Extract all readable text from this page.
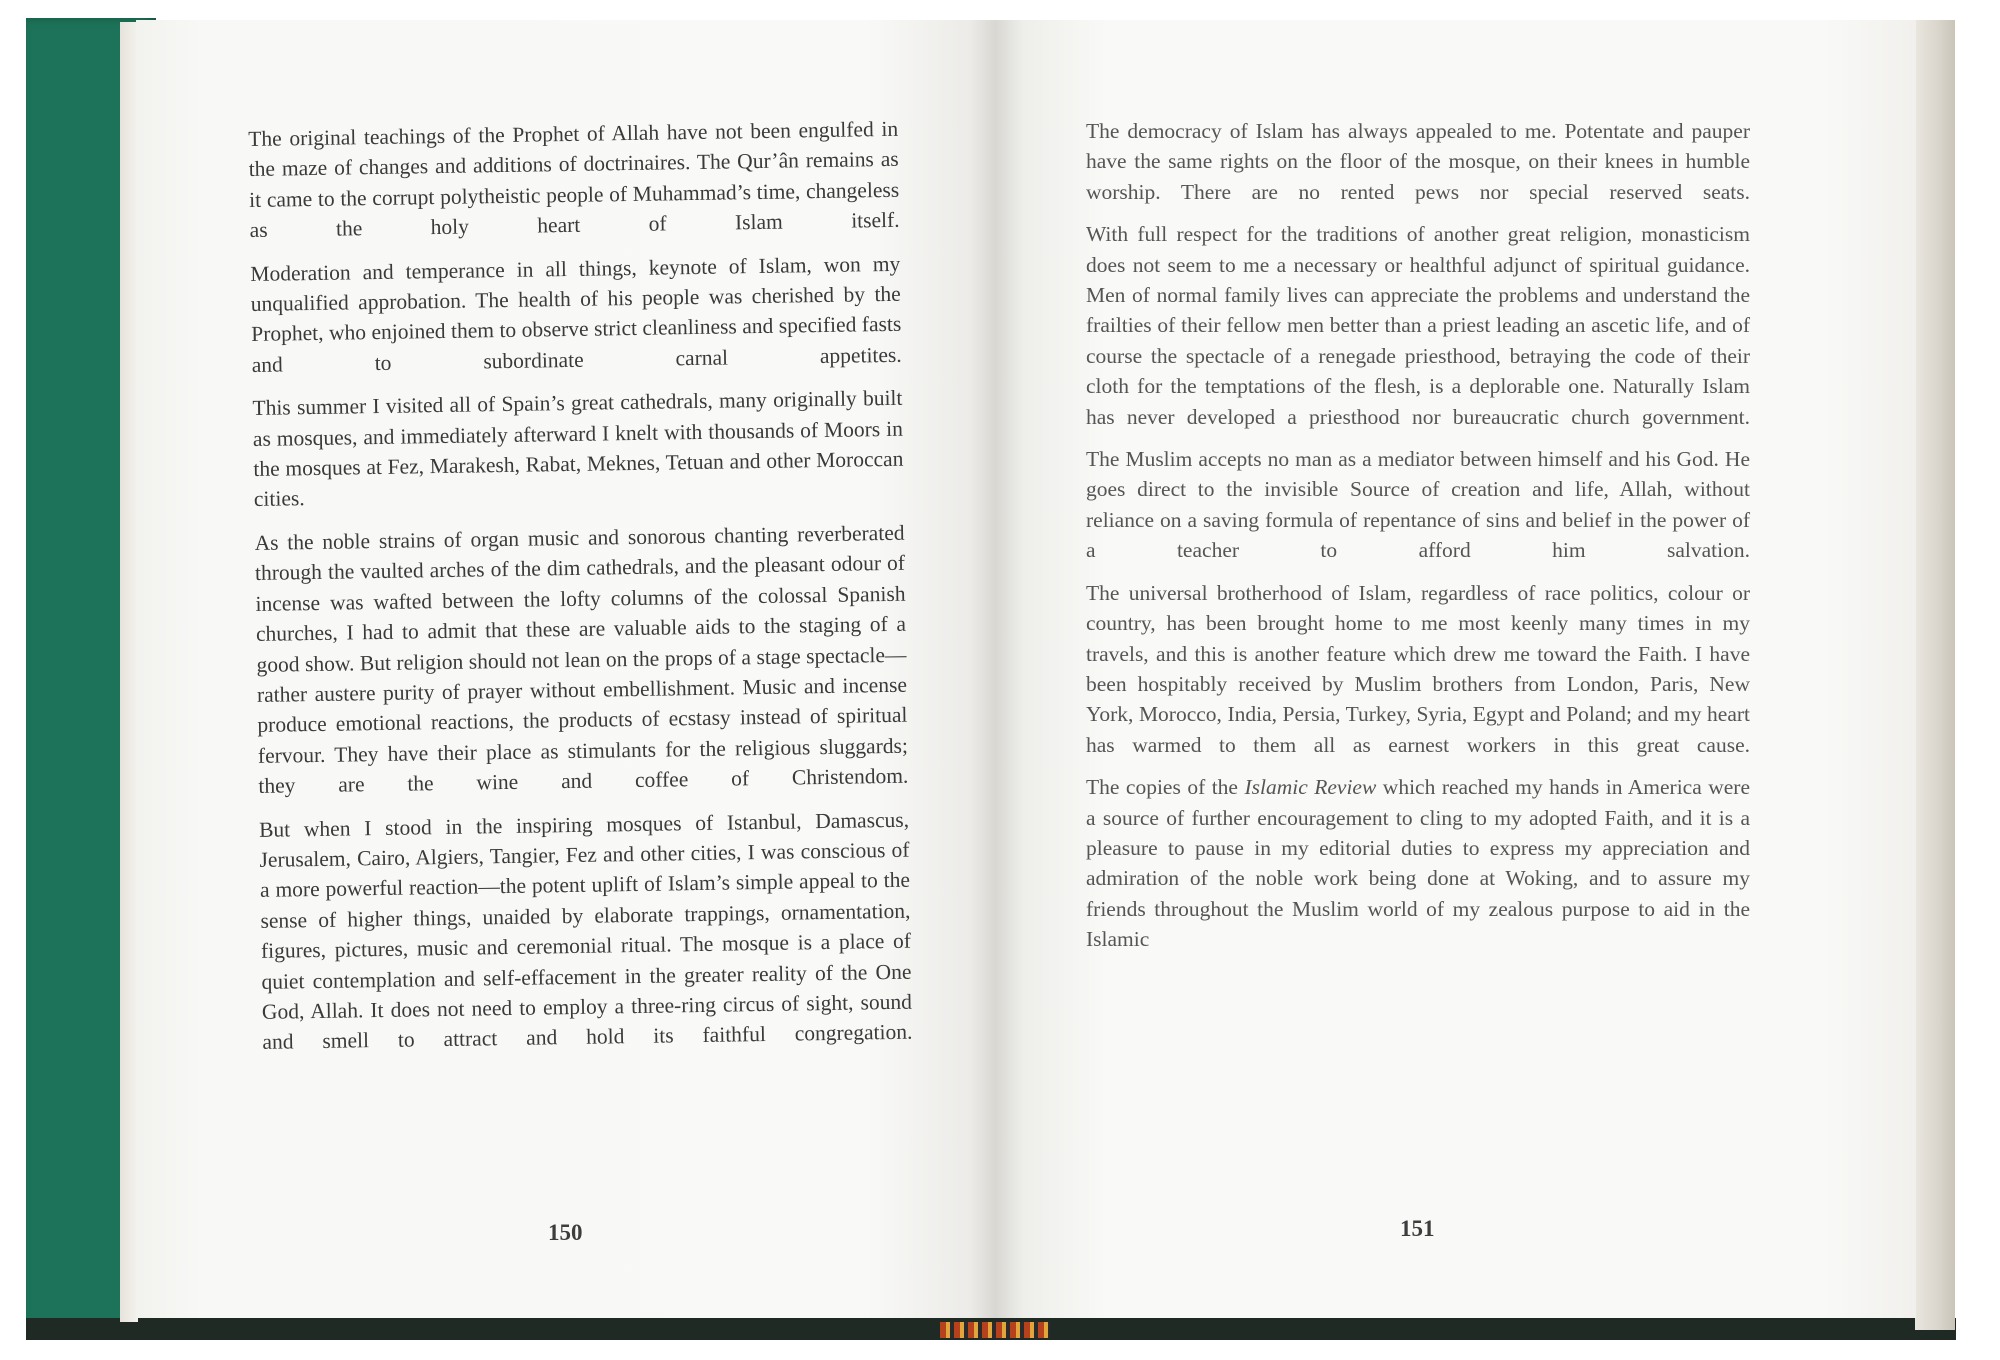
The original teachings of the Prophet of Allah have not been engulfed in the maze of changes and additions of doctrinaires. The Qur’ân remains as it came to the corrupt polytheistic people of Muhammad’s time, changeless as the holy heart of Islam itself.

Moderation and temperance in all things, keynote of Islam, won my unqualified approbation. The health of his people was cherished by the Prophet, who enjoined them to observe strict cleanliness and specified fasts and to subordinate carnal appetites.

This summer I visited all of Spain’s great cathedrals, many originally built as mosques, and immediately afterward I knelt with thousands of Moors in the mosques at Fez, Marakesh, Rabat, Meknes, Tetuan and other Moroccan cities.

As the noble strains of organ music and sonorous chanting reverberated through the vaulted arches of the dim cathedrals, and the pleasant odour of incense was wafted between the lofty columns of the colossal Spanish churches, I had to admit that these are valuable aids to the staging of a good show. But religion should not lean on the props of a stage spectacle—rather austere purity of prayer without embellishment. Music and incense produce emotional reactions, the products of ecstasy instead of spiritual fervour. They have their place as stimulants for the religious sluggards; they are the wine and coffee of Christendom.

But when I stood in the inspiring mosques of Istanbul, Damascus, Jerusalem, Cairo, Algiers, Tangier, Fez and other cities, I was conscious of a more powerful reaction—the potent uplift of Islam’s simple appeal to the sense of higher things, unaided by elaborate trappings, ornamentation, figures, pictures, music and ceremonial ritual. The mosque is a place of quiet contemplation and self-effacement in the greater reality of the One God, Allah. It does not need to employ a three-ring circus of sight, sound and smell to attract and hold its faithful congregation.

150

The democracy of Islam has always appealed to me. Potentate and pauper have the same rights on the floor of the mosque, on their knees in humble worship. There are no rented pews nor special reserved seats.

With full respect for the traditions of another great religion, monasticism does not seem to me a necessary or healthful adjunct of spiritual guidance. Men of normal family lives can appreciate the problems and understand the frailties of their fellow men better than a priest leading an ascetic life, and of course the spectacle of a renegade priesthood, betraying the code of their cloth for the temptations of the flesh, is a deplorable one. Naturally Islam has never developed a priesthood nor bureaucratic church government.

The Muslim accepts no man as a mediator between himself and his God. He goes direct to the invisible Source of creation and life, Allah, without reliance on a saving formula of repentance of sins and belief in the power of a teacher to afford him salvation.

The universal brotherhood of Islam, regardless of race politics, colour or country, has been brought home to me most keenly many times in my travels, and this is another feature which drew me toward the Faith. I have been hospitably received by Muslim brothers from London, Paris, New York, Morocco, India, Persia, Turkey, Syria, Egypt and Poland; and my heart has warmed to them all as earnest workers in this great cause.

The copies of the Islamic Review which reached my hands in America were a source of further encouragement to cling to my adopted Faith, and it is a pleasure to pause in my editorial duties to express my appreciation and admiration of the noble work being done at Woking, and to assure my friends throughout the Muslim world of my zealous purpose to aid in the Islamic

151
